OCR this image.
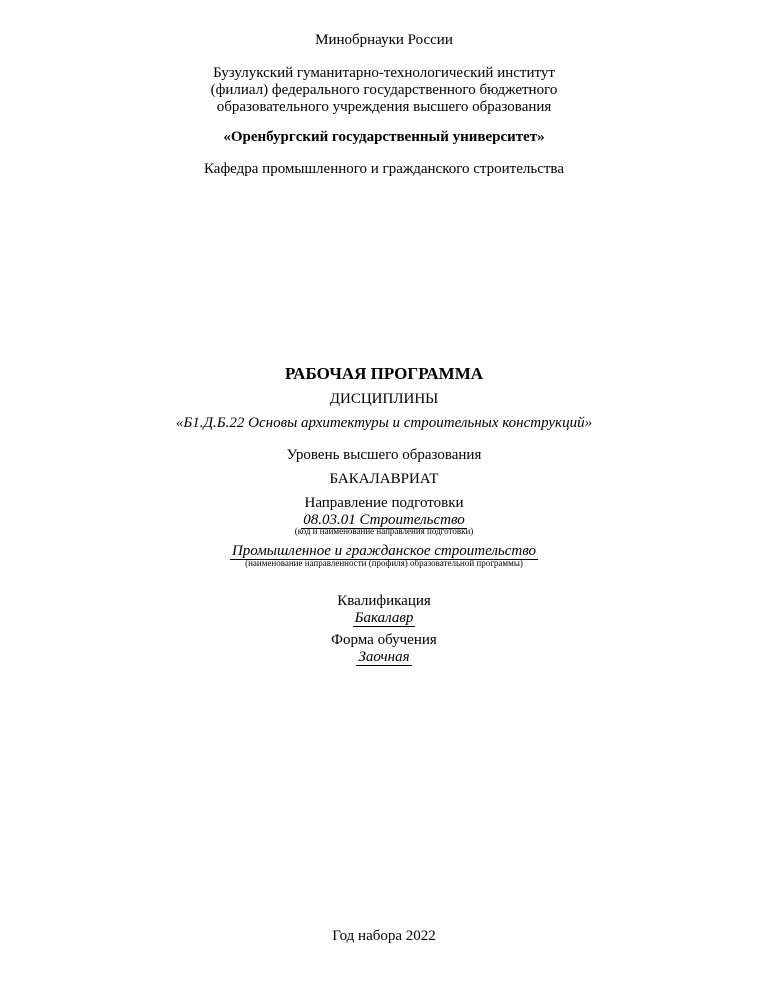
Минобрнауки России
Бузулукский гуманитарно-технологический институт
(филиал) федерального государственного бюджетного
образовательного учреждения высшего образования
«Оренбургский государственный университет»
Кафедра промышленного и гражданского строительства
РАБОЧАЯ ПРОГРАММА
ДИСЦИПЛИНЫ
«Б1.Д.Б.22 Основы архитектуры и строительных конструкций»
Уровень высшего образования
БАКАЛАВРИАТ
Направление подготовки
08.03.01 Строительство
(код и наименование направления подготовки)
Промышленное и гражданское строительство
(наименование направленности (профиля) образовательной программы)
Квалификация
Бакалавр
Форма обучения
Заочная
Год набора 2022
